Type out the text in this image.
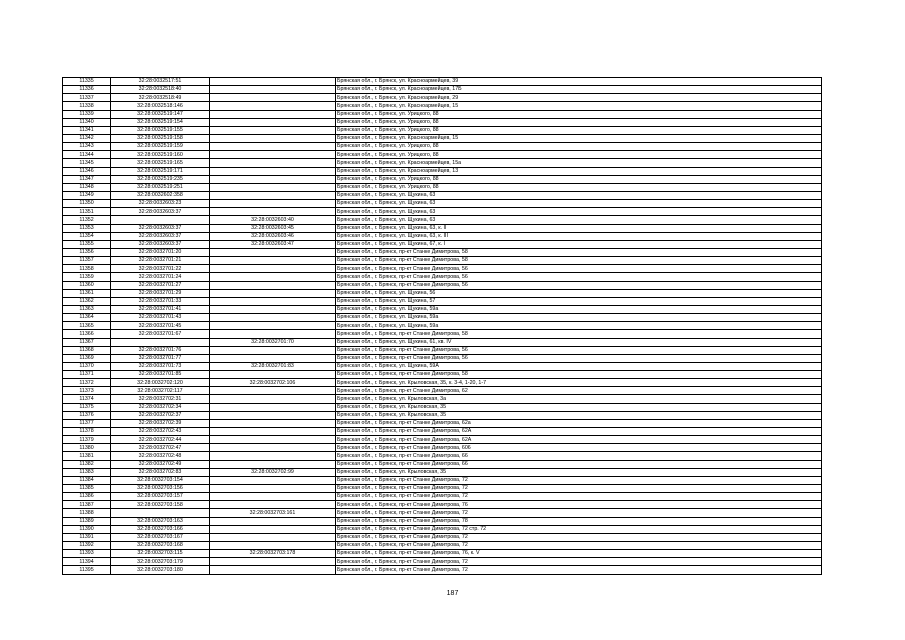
11335	32:28:0032517:51		Брянская обл., г. Брянск, ул. Красноармейцев, 39
11336	32:28:0032518:40		Брянская обл., г. Брянск, ул. Красноармейцев, 17Б
11337	32:28:0032518:49		Брянская обл., г. Брянск, ул. Красноармейцев, 29
11338	32:28:0032518:146		Брянская обл., г. Брянск, ул. Красноармейцев, 15
11339	32:28:0032519:147		Брянская обл., г. Брянск, ул. Урицкого, 88
11340	32:28:0032519:154		Брянская обл., г. Брянск, ул. Урицкого, 88
11341	32:28:0032519:155		Брянская обл., г. Брянск, ул. Урицкого, 88
11342	32:28:0032519:158		Брянская обл., г. Брянск, ул. Красноармейцев, 15
11343	32:28:0032519:159		Брянская обл., г. Брянск, ул. Урицкого, 88
11344	32:28:0032519:160		Брянская обл., г. Брянск, ул. Урицкого, 88
11345	32:28:0032519:165		Брянская обл., г. Брянск, ул. Красноармейцев, 15а
11346	32:28:0032519:171		Брянская обл., г. Брянск, ул. Красноармейцев, 13
11347	32:28:0032519:235		Брянская обл., г. Брянск, ул. Урицкого, 88
11348	32:28:0032519:251		Брянская обл., г. Брянск, ул. Урицкого, 88
11349	32:28:0032602:358		Брянская обл., г. Брянск, ул. Щукина, 63
11350	32:28:0032603:23		Брянская обл., г. Брянск, ул. Щукина, 63
11351	32:28:0032603:37		Брянская обл., г. Брянск, ул. Щукина, 63
11352		32:28:0032603:40	Брянская обл., г. Брянск, ул. Щукина, 63
11353	32:28:0032603:37	32:28:0032603:45	Брянская обл., г. Брянск, ул. Щукина, 63, к. II
11354	32:28:0032603:37	32:28:0032603:46	Брянская обл., г. Брянск, ул. Щукина, 63, к. III
11355	32:28:0032603:37	32:28:0032603:47	Брянская обл., г. Брянск, ул. Щукина, 67, к. I
11356	32:28:0032701:20		Брянская обл., г. Брянск, пр-кт Станке Димитрова, 58
11357	32:28:0032701:21		Брянская обл., г. Брянск, пр-кт Станке Димитрова, 58
11358	32:28:0032701:22		Брянская обл., г. Брянск, пр-кт Станке Димитрова, 56
11359	32:28:0032701:24		Брянская обл., г. Брянск, пр-кт Станке Димитрова, 56
11360	32:28:0032701:27		Брянская обл., г. Брянск, пр-кт Станке Димитрова, 56
11361	32:28:0032701:29		Брянская обл., г. Брянск, ул. Щукина, 56
11362	32:28:0032701:33		Брянская обл., г. Брянск, ул. Щукина, 57
11363	32:28:0032701:41		Брянская обл., г. Брянск, ул. Щукина, 59а
11364	32:28:0032701:43		Брянская обл., г. Брянск, ул. Щукина, 59а
11365	32:28:0032701:45		Брянская обл., г. Брянск, ул. Щукина, 59а
11366	32:28:0032701:67		Брянская обл., г. Брянск, пр-кт Станке Димитрова, 58
11367		32:28:0032701:70	Брянская обл., г. Брянск, ул. Щукина, 61, кв. IV
11368	32:28:0032701:76		Брянская обл., г. Брянск, пр-кт Станке Димитрова, 56
11369	32:28:0032701:77		Брянская обл., г. Брянск, пр-кт Станке Димитрова, 56
11370	32:28:0032701:73	32:28:0032701:83	Брянская обл., г. Брянск, ул. Щукина, 59А
11371	32:28:0032701:85		Брянская обл., г. Брянск, пр-кт Станке Димитрова, 58
11372	32:28:0032702:120	32:28:0032702:106	Брянская обл., г. Брянск, ул. Крыловская, 35, к. 3-4, 1-20, 1-7
11373	32:28:0032702:117		Брянская обл., г. Брянск, пр-кт Станке Димитрова, 62
11374	32:28:0032702:31		Брянская обл., г. Брянск, ул. Крыловская, 3а
11375	32:28:0032702:34		Брянская обл., г. Брянск, ул. Крыловская, 35
11376	32:28:0032702:37		Брянская обл., г. Брянск, ул. Крыловская, 35
11377	32:28:0032702:39		Брянская обл., г. Брянск, пр-кт Станке Димитрова, 62а
11378	32:28:0032702:43		Брянская обл., г. Брянск, пр-кт Станке Димитрова, 62А
11379	32:28:0032702:44		Брянская обл., г. Брянск, пр-кт Станке Димитрова, 62А
11380	32:28:0032702:47		Брянская обл., г. Брянск, пр-кт Станке Димитрова, 606
11381	32:28:0032702:48		Брянская обл., г. Брянск, пр-кт Станке Димитрова, 66
11382	32:28:0032702:49		Брянская обл., г. Брянск, пр-кт Станке Димитрова, 66
11383	32:28:0032702:83	32:28:0032702:99	Брянская обл., г. Брянск, ул. Крыловская, 35
11384	32:28:0032703:154		Брянская обл., г. Брянск, пр-кт Станке Димитрова, 72
11385	32:28:0032703:156		Брянская обл., г. Брянск, пр-кт Станке Димитрова, 72
11386	32:28:0032703:157		Брянская обл., г. Брянск, пр-кт Станке Димитрова, 72
11387	32:28:0032703:158		Брянская обл., г. Брянск, пр-кт Станке Димитрова, 76
11388		32:28:0032703:161	Брянская обл., г. Брянск, пр-кт Станке Димитрова, 72
11389	32:28:0032703:163		Брянская обл., г. Брянск, пр-кт Станке Димитрова, 78
11390	32:28:0032703:166		Брянская обл., г. Брянск, пр-кт Станке Димитрова, 72 стр. 72
11391	32:28:0032703:167		Брянская обл., г. Брянск, пр-кт Станке Димитрова, 72
11392	32:28:0032703:168		Брянская обл., г. Брянск, пр-кт Станке Димитрова, 72
11393	32:28:0032703:115	32:28:0032703:178	Брянская обл., г. Брянск, пр-кт Станке Димитрова, 76, к. V
11394	32:28:0032703:179		Брянская обл., г. Брянск, пр-кт Станке Димитрова, 72
11395	32:28:0032703:180		Брянская обл., г. Брянск, пр-кт Станке Димитрова, 72
187
